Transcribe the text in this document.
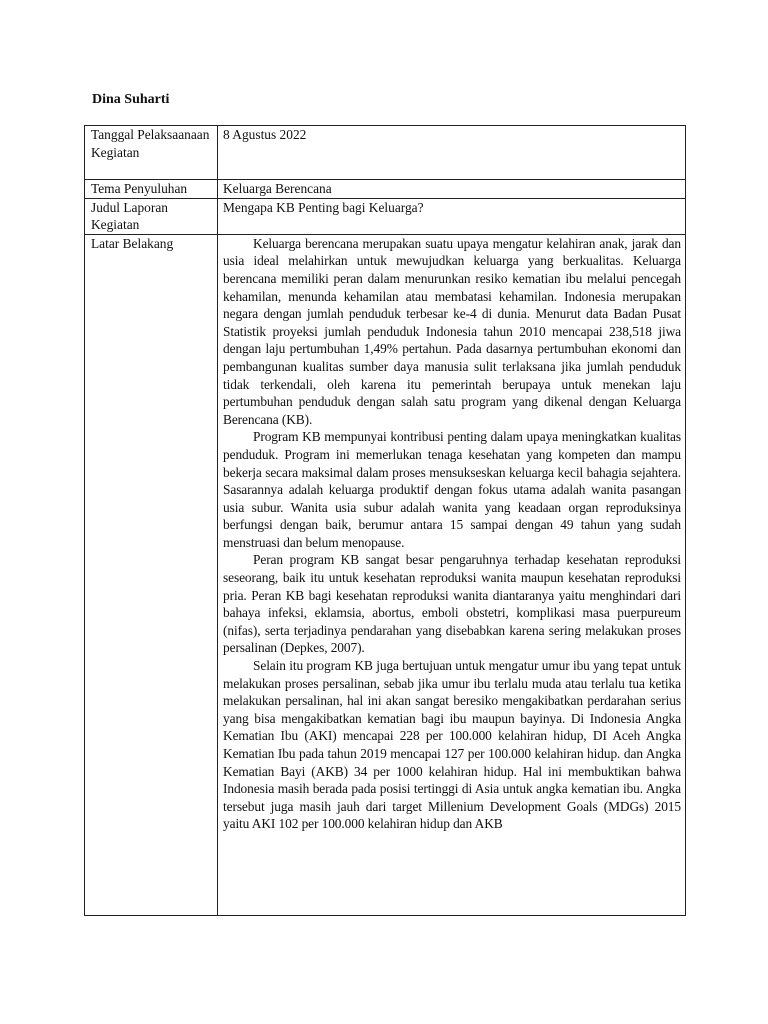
Dina Suharti
Tanggal Pelaksaanaan Kegiatan	8 Agustus 2022
Tema Penyuluhan	Keluarga Berencana
Judul Laporan Kegiatan	Mengapa KB Penting bagi Keluarga?
Latar Belakang	Keluarga berencana merupakan suatu upaya mengatur kelahiran anak, jarak dan usia ideal melahirkan untuk mewujudkan keluarga yang berkualitas. Keluarga berencana memiliki peran dalam menurunkan resiko kematian ibu melalui pencegah kehamilan, menunda kehamilan atau membatasi kehamilan. Indonesia merupakan negara dengan jumlah penduduk terbesar ke-4 di dunia. Menurut data Badan Pusat Statistik proyeksi jumlah penduduk Indonesia tahun 2010 mencapai 238,518 jiwa dengan laju pertumbuhan 1,49% pertahun. Pada dasarnya pertumbuhan ekonomi dan pembangunan kualitas sumber daya manusia sulit terlaksana jika jumlah penduduk tidak terkendali, oleh karena itu pemerintah berupaya untuk menekan laju pertumbuhan penduduk dengan salah satu program yang dikenal dengan Keluarga Berencana (KB).

Program KB mempunyai kontribusi penting dalam upaya meningkatkan kualitas penduduk. Program ini memerlukan tenaga kesehatan yang kompeten dan mampu bekerja secara maksimal dalam proses mensukseskan keluarga kecil bahagia sejahtera. Sasarannya adalah keluarga produktif dengan fokus utama adalah wanita pasangan usia subur. Wanita usia subur adalah wanita yang keadaan organ reproduksinya berfungsi dengan baik, berumur antara 15 sampai dengan 49 tahun yang sudah menstruasi dan belum menopause.

Peran program KB sangat besar pengaruhnya terhadap kesehatan reproduksi seseorang, baik itu untuk kesehatan reproduksi wanita maupun kesehatan reproduksi pria. Peran KB bagi kesehatan reproduksi wanita diantaranya yaitu menghindari dari bahaya infeksi, eklamsia, abortus, emboli obstetri, komplikasi masa puerpureum (nifas), serta terjadinya pendarahan yang disebabkan karena sering melakukan proses persalinan (Depkes, 2007).

Selain itu program KB juga bertujuan untuk mengatur umur ibu yang tepat untuk melakukan proses persalinan, sebab jika umur ibu terlalu muda atau terlalu tua ketika melakukan persalinan, hal ini akan sangat beresiko mengakibatkan perdarahan serius yang bisa mengakibatkan kematian bagi ibu maupun bayinya. Di Indonesia Angka Kematian Ibu (AKI) mencapai 228 per 100.000 kelahiran hidup, DI Aceh Angka Kematian Ibu pada tahun 2019 mencapai 127 per 100.000 kelahiran hidup. dan Angka Kematian Bayi (AKB) 34 per 1000 kelahiran hidup. Hal ini membuktikan bahwa Indonesia masih berada pada posisi tertinggi di Asia untuk angka kematian ibu. Angka tersebut juga masih jauh dari target Millenium Development Goals (MDGs) 2015 yaitu AKI 102 per 100.000 kelahiran hidup dan AKB
